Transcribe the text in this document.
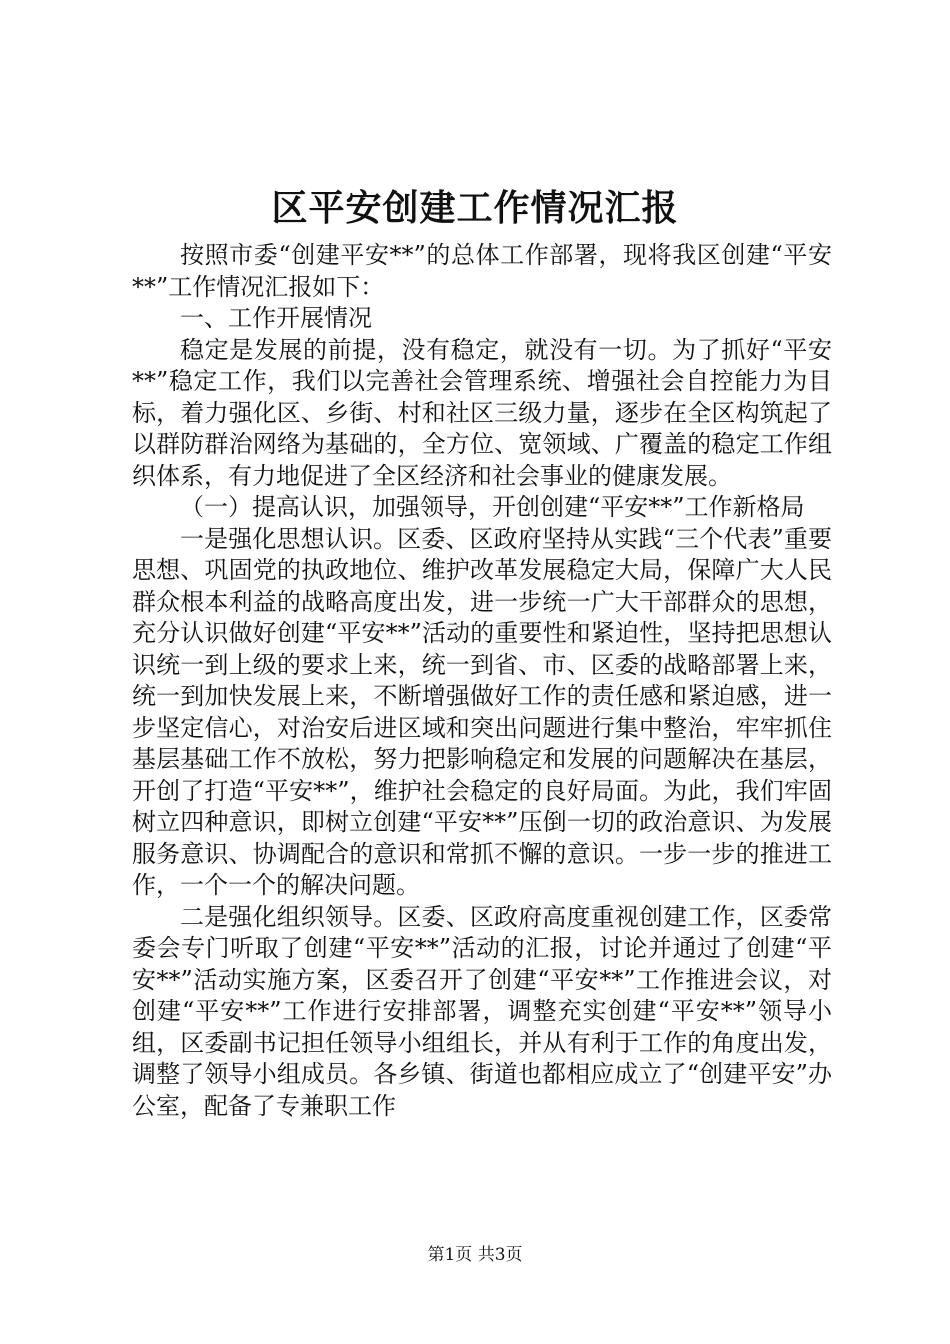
区平安创建工作情况汇报

按照市委“创建平安**”的总体工作部署，现将我区创建“平安**”工作情况汇报如下：

一、工作开展情况

稳定是发展的前提，没有稳定，就没有一切。为了抓好“平安**”稳定工作，我们以完善社会管理系统、增强社会自控能力为目标，着力强化区、乡街、村和社区三级力量，逐步在全区构筑起了以群防群治网络为基础的，全方位、宽领域、广覆盖的稳定工作组织体系，有力地促进了全区经济和社会事业的健康发展。

（一）提高认识，加强领导，开创创建“平安**”工作新格局

一是强化思想认识。区委、区政府坚持从实践“三个代表”重要思想、巩固党的执政地位、维护改革发展稳定大局，保障广大人民群众根本利益的战略高度出发，进一步统一广大干部群众的思想，充分认识做好创建“平安**”活动的重要性和紧迫性，坚持把思想认识统一到上级的要求上来，统一到省、市、区委的战略部署上来，统一到加快发展上来，不断增强做好工作的责任感和紧迫感，进一步坚定信心，对治安后进区域和突出问题进行集中整治，牢牢抓住基层基础工作不放松，努力把影响稳定和发展的问题解决在基层，开创了打造“平安**”，维护社会稳定的良好局面。为此，我们牢固树立四种意识，即树立创建“平安**”压倒一切的政治意识、为发展服务意识、协调配合的意识和常抓不懈的意识。一步一步的推进工作，一个一个的解决问题。

二是强化组织领导。区委、区政府高度重视创建工作，区委常委会专门听取了创建“平安**”活动的汇报，讨论并通过了创建“平安**”活动实施方案，区委召开了创建“平安**”工作推进会议，对创建“平安**”工作进行安排部署，调整充实创建“平安**”领导小组，区委副书记担任领导小组组长，并从有利于工作的角度出发，调整了领导小组成员。各乡镇、街道也都相应成立了“创建平安”办公室，配备了专兼职工作

第1页 共3页
